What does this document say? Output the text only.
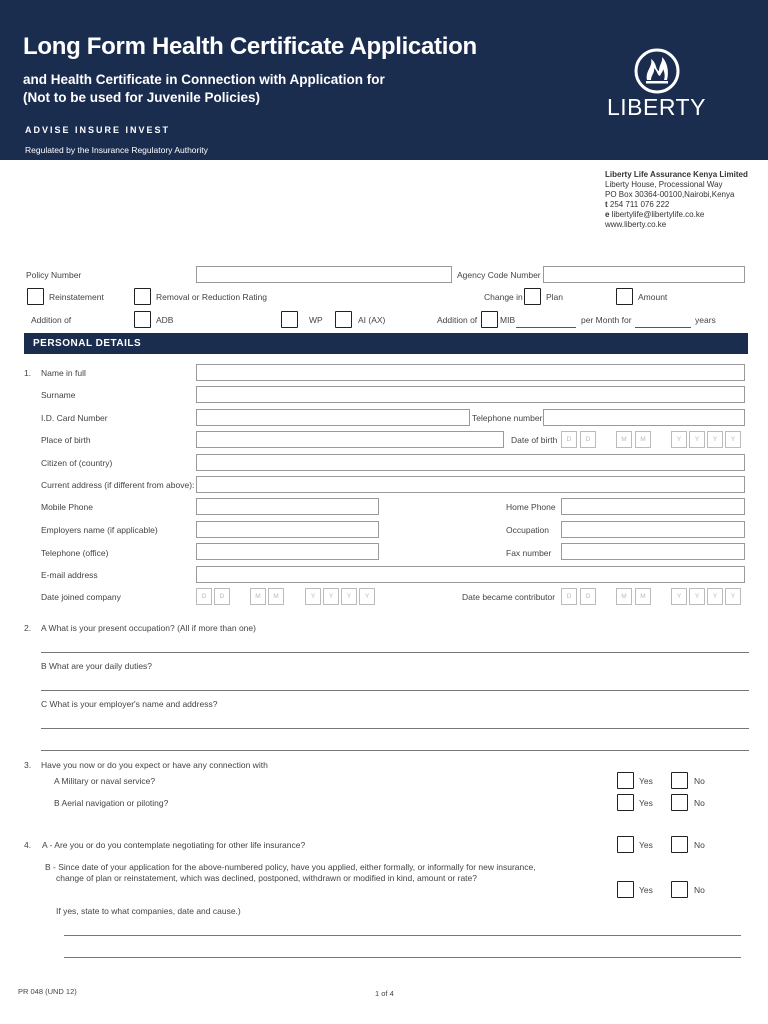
Long Form Health Certificate Application
and Health Certificate in Connection with Application for
(Not to be used for Juvenile Policies)
ADVISE INSURE INVEST
Regulated by the Insurance Regulatory Authority
LIBERTY
Liberty Life Assurance Kenya Limited
Liberty House, Processional Way
PO Box 30364-00100,Nairobi,Kenya
t 254 711 076 222
e libertylife@libertylife.co.ke
www.liberty.co.ke
Policy Number	Agency Code Number
Reinstatement	Removal or Reduction Rating	Change in	Plan	Amount
Addition of	ADB	WP	AI (AX)	Addition of	MIB	per Month for	years
PERSONAL DETAILS
1. Name in full
Surname
I.D. Card Number	Telephone number
Place of birth	Date of birth	D	D	M	M	Y	Y	Y	Y
Citizen of (country)
Current address (if different from above):
Mobile Phone	Home Phone
Employers name (if applicable)	Occupation
Telephone (office)	Fax number
E-mail address
Date joined company	D	D	M	M	Y	Y	Y	Y	Date became contributor	D	D	M	M	Y	Y	Y	Y
2. A What is your present occupation? (All if more than one)
B What are your daily duties?
C What is your employer's name and address?
3. Have you now or do you expect or have any connection with
A Military or naval service?	Yes	No
B Aerial navigation or piloting?	Yes	No
4. A - Are you or do you contemplate negotiating for other life insurance?	Yes	No
B - Since date of your application for the above-numbered policy, have you applied, either formally, or informally for new insurance,
change of plan or reinstatement, which was declined, postponed, withdrawn or modified in kind, amount or rate?
Yes	No
If yes, state to what companies, date and cause.)
PR 048 (UND 12)	1 of 4
